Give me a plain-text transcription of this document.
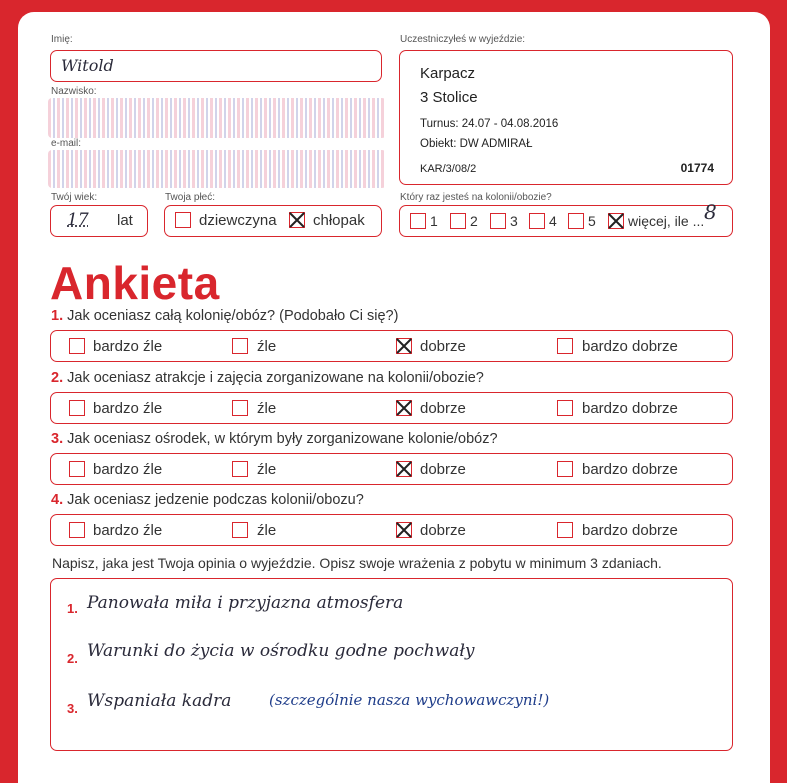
Imię:
Witold
Nazwisko:
e-mail:
Twój wiek:
17 lat
Twoja płeć:
dziewczyna chłopak
Uczestniczyłeś w wyjeździe:
Karpacz
3 Stolice
Turnus: 24.07 - 04.08.2016
Obiekt: DW ADMIRAŁ
KAR/3/08/2	01774
Który raz jesteś na kolonii/obozie?
1 2 3 4 5 więcej, ile ... 8
Ankieta
1. Jak oceniasz całą kolonię/obóz? (Podobało Ci się?)
bardzo źle	źle	dobrze	bardzo dobrze
2. Jak oceniasz atrakcje i zajęcia zorganizowane na kolonii/obozie?
bardzo źle	źle	dobrze	bardzo dobrze
3. Jak oceniasz ośrodek, w którym były zorganizowane kolonie/obóz?
bardzo źle	źle	dobrze	bardzo dobrze
4. Jak oceniasz jedzenie podczas kolonii/obozu?
bardzo źle	źle	dobrze	bardzo dobrze
Napisz, jaka jest Twoja opinia o wyjeździe. Opisz swoje wrażenia z pobytu w minimum 3 zdaniach.
1. Panowała miła i przyjazna atmosfera
2. Warunki do życia w ośrodku godne pochwały
3. Wspaniała kadra	(szczególnie nasza wychowawczyni!)
